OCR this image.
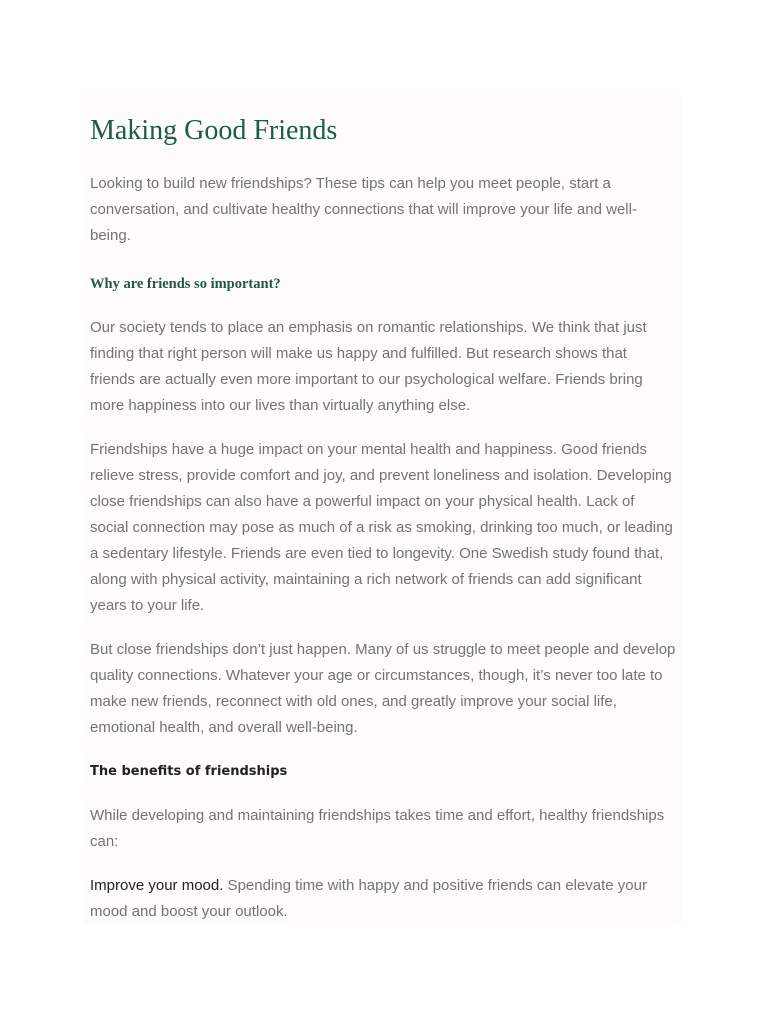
Making Good Friends

Looking to build new friendships? These tips can help you meet people, start a conversation, and cultivate healthy connections that will improve your life and well-being.

Why are friends so important?

Our society tends to place an emphasis on romantic relationships. We think that just finding that right person will make us happy and fulfilled. But research shows that friends are actually even more important to our psychological welfare. Friends bring more happiness into our lives than virtually anything else.

Friendships have a huge impact on your mental health and happiness. Good friends relieve stress, provide comfort and joy, and prevent loneliness and isolation. Developing close friendships can also have a powerful impact on your physical health. Lack of social connection may pose as much of a risk as smoking, drinking too much, or leading a sedentary lifestyle. Friends are even tied to longevity. One Swedish study found that, along with physical activity, maintaining a rich network of friends can add significant years to your life.

But close friendships don’t just happen. Many of us struggle to meet people and develop quality connections. Whatever your age or circumstances, though, it’s never too late to make new friends, reconnect with old ones, and greatly improve your social life, emotional health, and overall well-being.

The benefits of friendships

While developing and maintaining friendships takes time and effort, healthy friendships can:

Improve your mood. Spending time with happy and positive friends can elevate your mood and boost your outlook.
